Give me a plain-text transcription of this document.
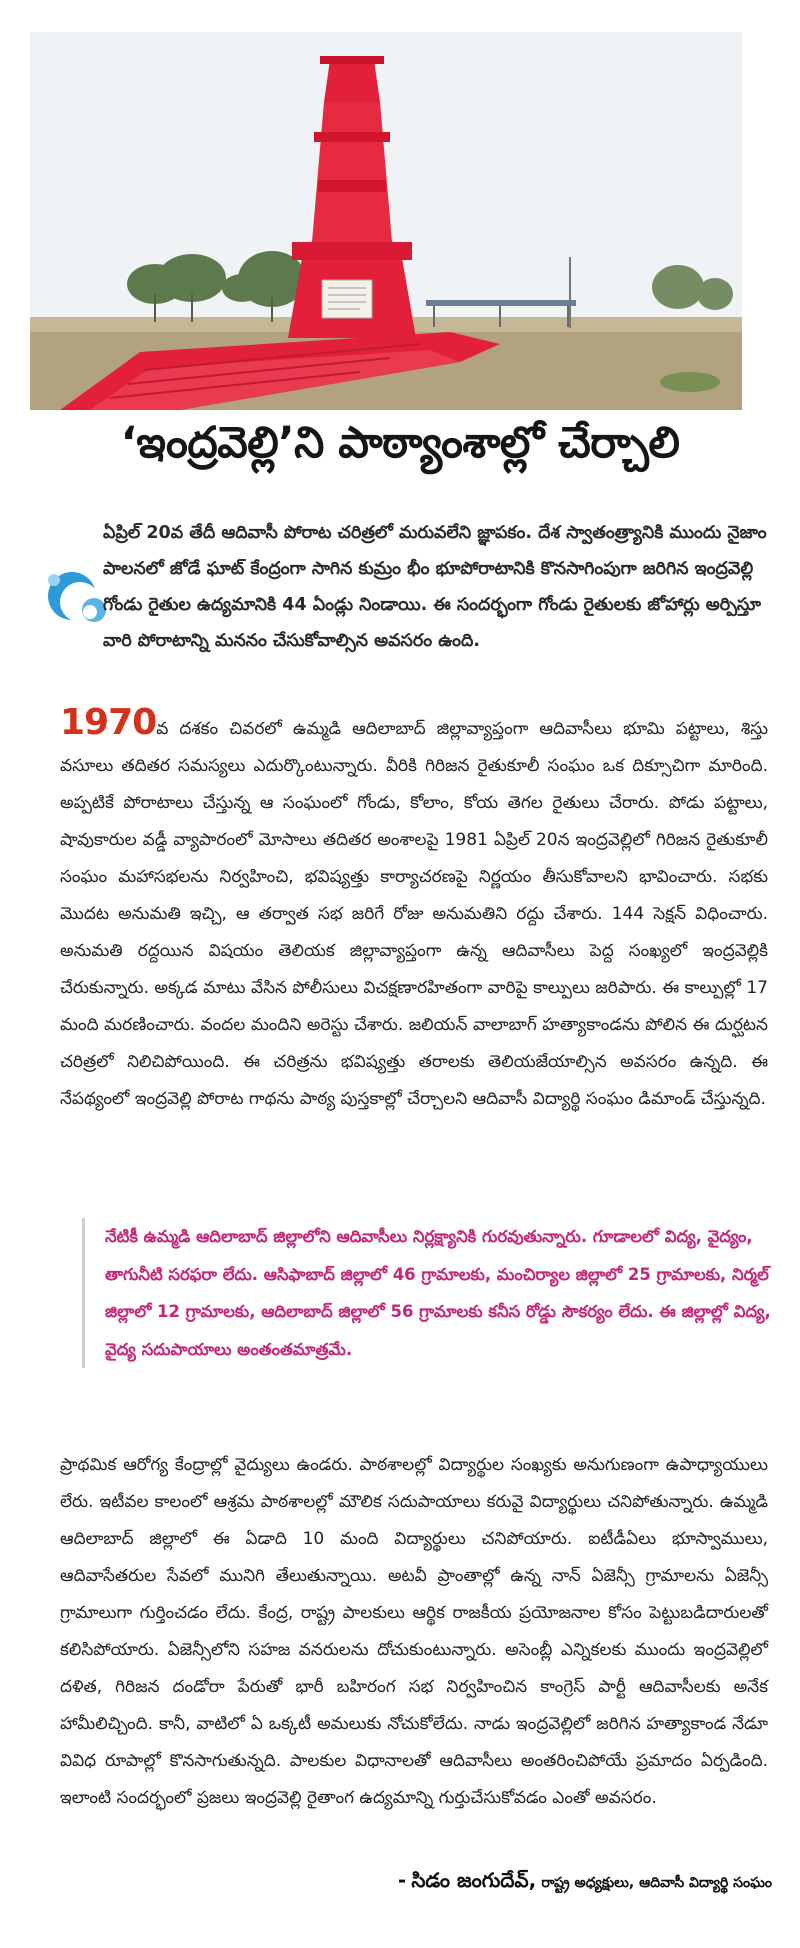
‘ఇంద్రవెల్లి’ని పాఠ్యాంశాల్లో చేర్చాలి
ఏప్రిల్ 20వ తేదీ ఆదివాసీ పోరాట చరిత్రలో మరువలేని జ్ఞాపకం. దేశ స్వాతంత్ర్యానికి ముందు నైజాం పాలనలో జోడే ఘాట్ కేంద్రంగా సాగిన కుమ్రం భీం భూపోరాటానికి కొనసాగింపుగా జరిగిన ఇంద్రవెల్లి గోండు రైతుల ఉద్యమానికి 44 ఏండ్లు నిండాయి. ఈ సందర్భంగా గోండు రైతులకు జోహార్లు అర్పిస్తూ వారి పోరాటాన్ని మననం చేసుకోవాల్సిన అవసరం ఉంది.

1970వ దశకం చివరలో ఉమ్మడి ఆదిలాబాద్ జిల్లావ్యాప్తంగా ఆదివాసీలు భూమి పట్టాలు, శిస్తు వసూలు తదితర సమస్యలు ఎదుర్కొంటున్నారు. వీరికి గిరిజన రైతుకూలీ సంఘం ఒక దిక్సూచిగా మారింది. అప్పటికే పోరాటాలు చేస్తున్న ఆ సంఘంలో గోండు, కోలాం, కోయ తెగల రైతులు చేరారు. పోడు పట్టాలు, షావుకారుల వడ్డీ వ్యాపారంలో మోసాలు తదితర అంశాలపై 1981 ఏప్రిల్ 20న ఇంద్రవెల్లిలో గిరిజన రైతుకూలీ సంఘం మహాసభలను నిర్వహించి, భవిష్యత్తు కార్యాచరణపై నిర్ణయం తీసుకోవాలని భావించారు. సభకు మొదట అనుమతి ఇచ్చి, ఆ తర్వాత సభ జరిగే రోజు అనుమతిని రద్దు చేశారు. 144 సెక్షన్ విధించారు. అనుమతి రద్దయిన విషయం తెలియక జిల్లావ్యాప్తంగా ఉన్న ఆదివాసీలు పెద్ద సంఖ్యలో ఇంద్రవెల్లికి చేరుకున్నారు. అక్కడ మాటు వేసిన పోలీసులు విచక్షణారహితంగా వారిపై కాల్పులు జరిపారు. ఈ కాల్పుల్లో 17 మంది మరణించారు. వందల మందిని అరెస్టు చేశారు. జలియన్ వాలాబాగ్ హత్యాకాండను పోలిన ఈ దుర్ఘటన చరిత్రలో నిలిచిపోయింది. ఈ చరిత్రను భవిష్యత్తు తరాలకు తెలియజేయాల్సిన అవసరం ఉన్నది. ఈ నేపథ్యంలో ఇంద్రవెల్లి పోరాట గాథను పాఠ్య పుస్తకాల్లో చేర్చాలని ఆదివాసీ విద్యార్థి సంఘం డిమాండ్ చేస్తున్నది.

నేటికీ ఉమ్మడి ఆదిలాబాద్ జిల్లాలోని ఆదివాసీలు నిర్లక్ష్యానికి గురవుతున్నారు. గూడాలలో విద్య, వైద్యం, తాగునీటి సరఫరా లేదు. ఆసిఫాబాద్ జిల్లాలో 46 గ్రామాలకు, మంచిర్యాల జిల్లాలో 25 గ్రామాలకు, నిర్మల్ జిల్లాలో 12 గ్రామాలకు, ఆదిలాబాద్ జిల్లాలో 56 గ్రామాలకు కనీస రోడ్డు సౌకర్యం లేదు. ఈ జిల్లాల్లో విద్య, వైద్య సదుపాయాలు అంతంతమాత్రమే.

ప్రాథమిక ఆరోగ్య కేంద్రాల్లో వైద్యులు ఉండరు. పాఠశాలల్లో విద్యార్థుల సంఖ్యకు అనుగుణంగా ఉపాధ్యాయులు లేరు. ఇటీవల కాలంలో ఆశ్రమ పాఠశాలల్లో మౌలిక సదుపాయాలు కరువై విద్యార్థులు చనిపోతున్నారు. ఉమ్మడి ఆదిలాబాద్ జిల్లాలో ఈ ఏడాది 10 మంది విద్యార్థులు చనిపోయారు. ఐటీడీఏలు భూస్వాములు, ఆదివాసేతరుల సేవలో మునిగి తేలుతున్నాయి. అటవీ ప్రాంతాల్లో ఉన్న నాన్ ఏజెన్సీ గ్రామాలను ఏజెన్సీ గ్రామాలుగా గుర్తించడం లేదు. కేంద్ర, రాష్ట్ర పాలకులు ఆర్థిక రాజకీయ ప్రయోజనాల కోసం పెట్టుబడిదారులతో కలిసిపోయారు. ఏజెన్సీలోని సహజ వనరులను దోచుకుంటున్నారు. అసెంబ్లీ ఎన్నికలకు ముందు ఇంద్రవెల్లిలో దళిత, గిరిజన దండోరా పేరుతో భారీ బహిరంగ సభ నిర్వహించిన కాంగ్రెస్ పార్టీ ఆదివాసీలకు అనేక హామీలిచ్చింది. కానీ, వాటిలో ఏ ఒక్కటీ అమలుకు నోచుకోలేదు. నాడు ఇంద్రవెల్లిలో జరిగిన హత్యాకాండ నేడూ వివిధ రూపాల్లో కొనసాగుతున్నది. పాలకుల విధానాలతో ఆదివాసీలు అంతరించిపోయే ప్రమాదం ఏర్పడింది. ఇలాంటి సందర్భంలో ప్రజలు ఇంద్రవెల్లి రైతాంగ ఉద్యమాన్ని గుర్తుచేసుకోవడం ఎంతో అవసరం.

- సిడం జంగుదేవ్, రాష్ట్ర అధ్యక్షులు, ఆదివాసీ విద్యార్థి సంఘం
